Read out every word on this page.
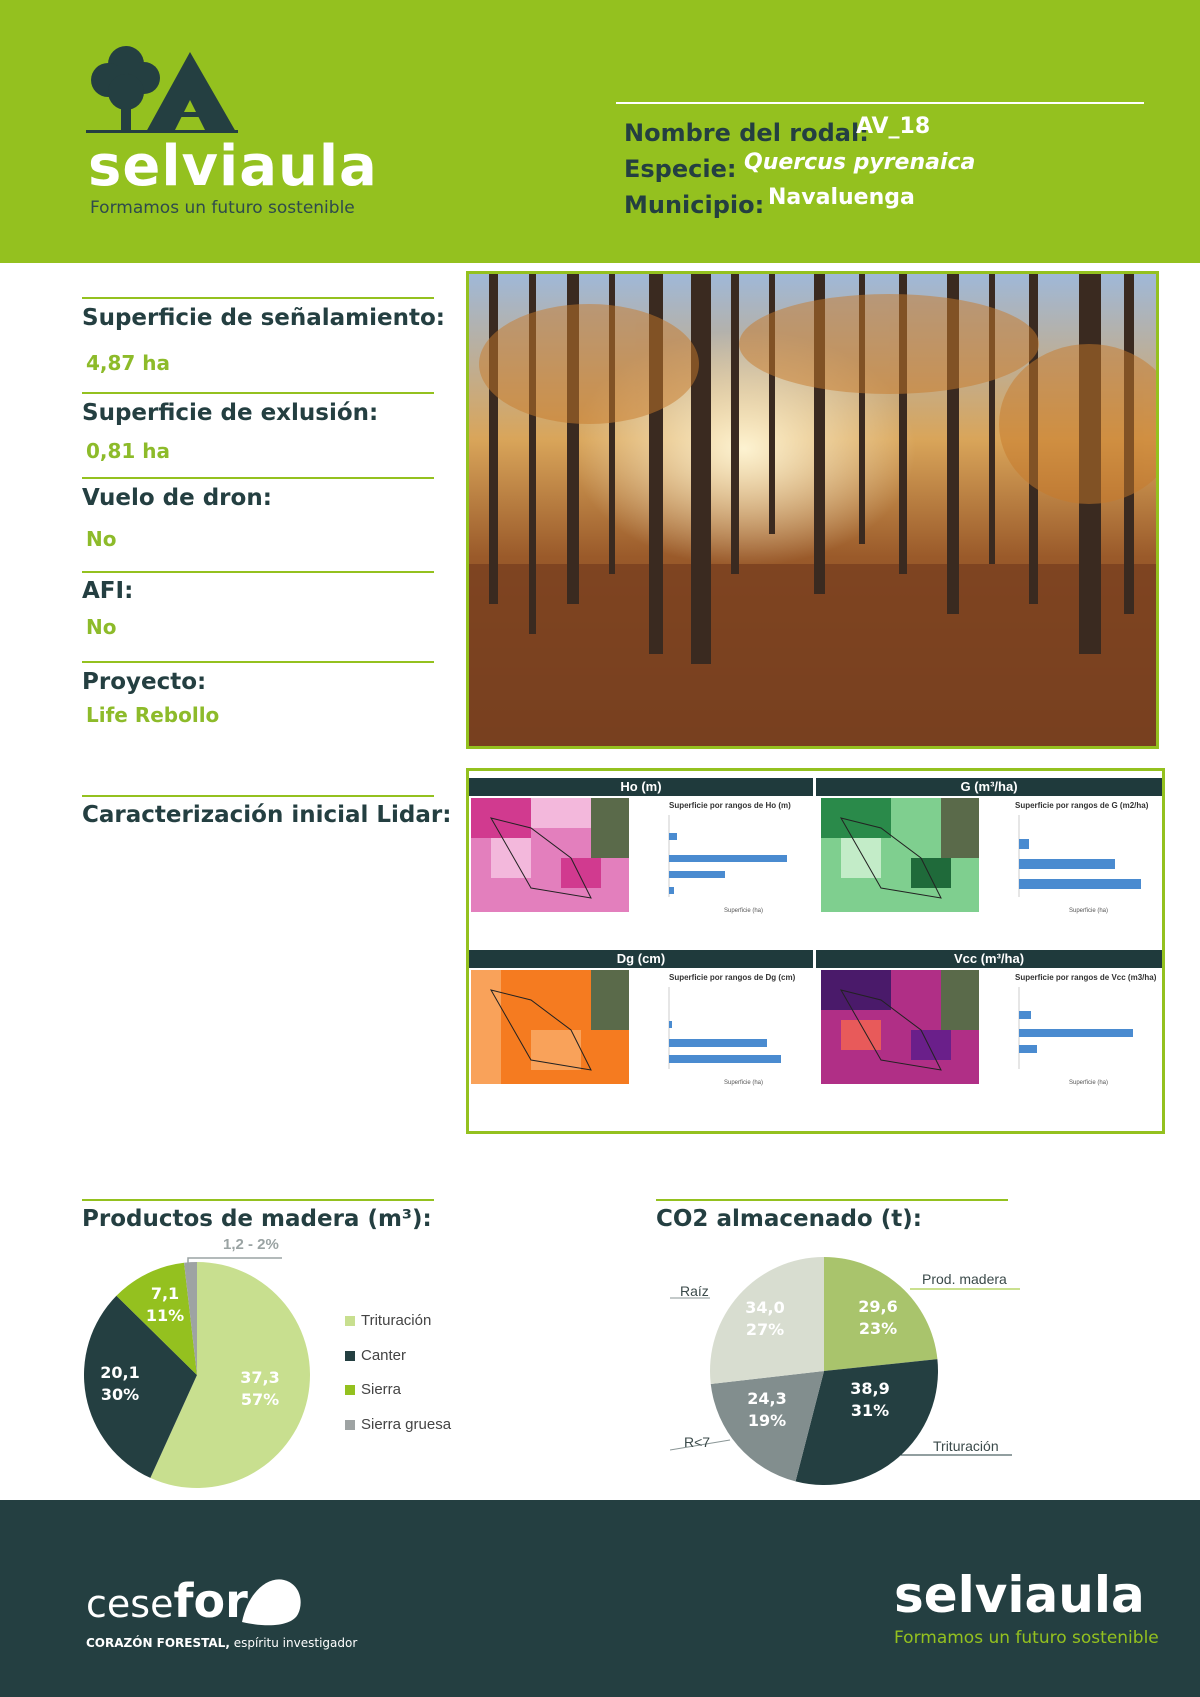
selviaula
Formamos un futuro sostenible
Nombre del rodal:
AV_18
Especie: Quercus pyrenaica
Municipio: Navaluenga
Superficie de señalamiento:
4,87 ha
Superficie de exlusión:
0,81 ha
Vuelo de dron:
No
AFI:
No
Proyecto:
Life Rebollo
Caracterización inicial Lidar:
Ho (m)
Superficie por rangos de Ho (m)
Superficie (ha)
G (m³/ha)
Superficie por rangos de G (m2/ha)
Superficie (ha)
Dg (cm)
Superficie por rangos de Dg (cm)
Superficie (ha)
Vcc (m³/ha)
Superficie por rangos de Vcc (m3/ha)
Superficie (ha)
Productos de madera (m³):	CO2 almacenado (t):
37,3
57%
20,1
30%
7,1
11%
1,2 - 2%
Trituración
Canter
Sierra
Sierra gruesa
29,6
23%
38,9
31%
24,3
19%
34,0
27%
Raíz
Prod. madera
R<7	Trituración
cesefor
CORAZÓN FORESTAL, espíritu investigador
selviaula
Formamos un futuro sostenible
